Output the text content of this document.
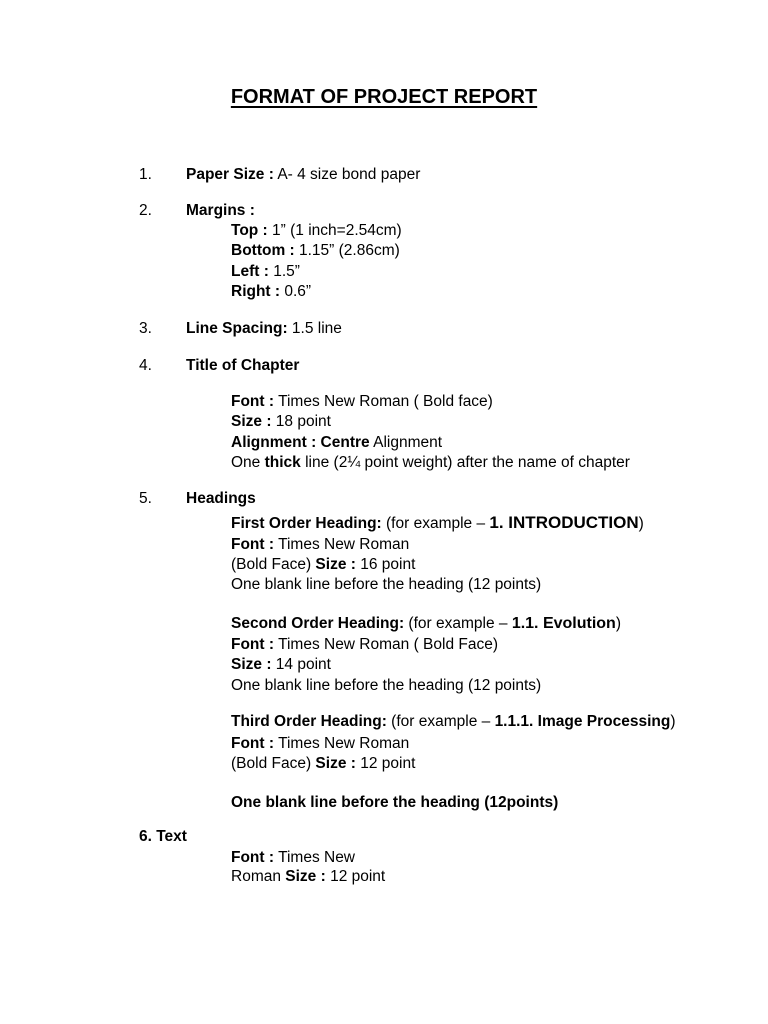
FORMAT OF PROJECT REPORT
1. Paper Size : A- 4 size bond paper
2. Margins :
Top : 1” (1 inch=2.54cm)
Bottom : 1.15” (2.86cm)
Left : 1.5”
Right : 0.6”
3. Line Spacing: 1.5 line
4. Title of Chapter
Font : Times New Roman ( Bold face)
Size : 18 point
Alignment : Centre Alignment
One thick line (2¼ point weight) after the name of chapter
5. Headings
First Order Heading: (for example – 1. INTRODUCTION)
Font : Times New Roman
(Bold Face) Size : 16 point
One blank line before the heading (12 points)
Second Order Heading: (for example – 1.1. Evolution)
Font : Times New Roman ( Bold Face)
Size : 14 point
One blank line before the heading (12 points)
Third Order Heading: (for example – 1.1.1. Image Processing)
Font : Times New Roman
(Bold Face) Size : 12 point
One blank line before the heading (12points)
6. Text
Font : Times New
Roman Size : 12 point
